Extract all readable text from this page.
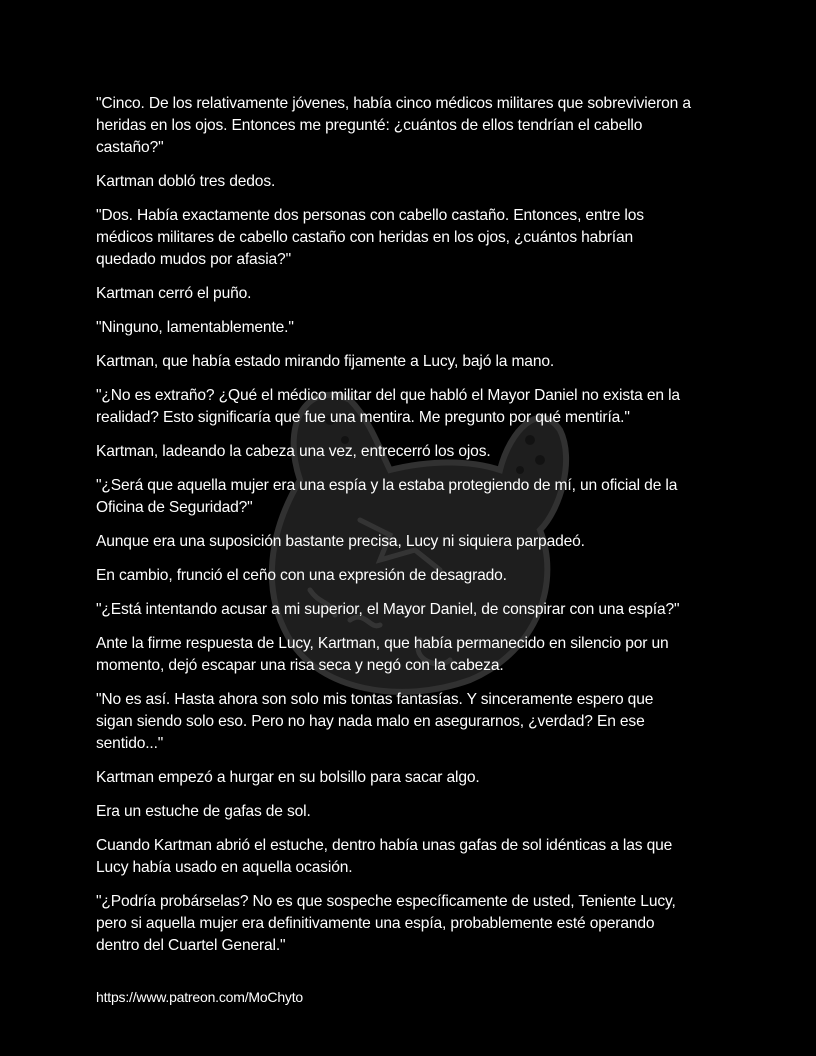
"Cinco. De los relativamente jóvenes, había cinco médicos militares que sobrevivieron a
heridas en los ojos. Entonces me pregunté: ¿cuántos de ellos tendrían el cabello
castaño?"
Kartman dobló tres dedos.
"Dos. Había exactamente dos personas con cabello castaño. Entonces, entre los
médicos militares de cabello castaño con heridas en los ojos, ¿cuántos habrían
quedado mudos por afasia?"
Kartman cerró el puño.
"Ninguno, lamentablemente."
Kartman, que había estado mirando fijamente a Lucy, bajó la mano.
"¿No es extraño? ¿Qué el médico militar del que habló el Mayor Daniel no exista en la
realidad? Esto significaría que fue una mentira. Me pregunto por qué mentiría."
Kartman, ladeando la cabeza una vez, entrecerró los ojos.
"¿Será que aquella mujer era una espía y la estaba protegiendo de mí, un oficial de la
Oficina de Seguridad?"
Aunque era una suposición bastante precisa, Lucy ni siquiera parpadeó.
En cambio, frunció el ceño con una expresión de desagrado.
"¿Está intentando acusar a mi superior, el Mayor Daniel, de conspirar con una espía?"
Ante la firme respuesta de Lucy, Kartman, que había permanecido en silencio por un
momento, dejó escapar una risa seca y negó con la cabeza.
"No es así. Hasta ahora son solo mis tontas fantasías. Y sinceramente espero que
sigan siendo solo eso. Pero no hay nada malo en asegurarnos, ¿verdad? En ese
sentido..."
Kartman empezó a hurgar en su bolsillo para sacar algo.
Era un estuche de gafas de sol.
Cuando Kartman abrió el estuche, dentro había unas gafas de sol idénticas a las que
Lucy había usado en aquella ocasión.
"¿Podría probárselas? No es que sospeche específicamente de usted, Teniente Lucy,
pero si aquella mujer era definitivamente una espía, probablemente esté operando
dentro del Cuartel General."
https://www.patreon.com/MoChyto
